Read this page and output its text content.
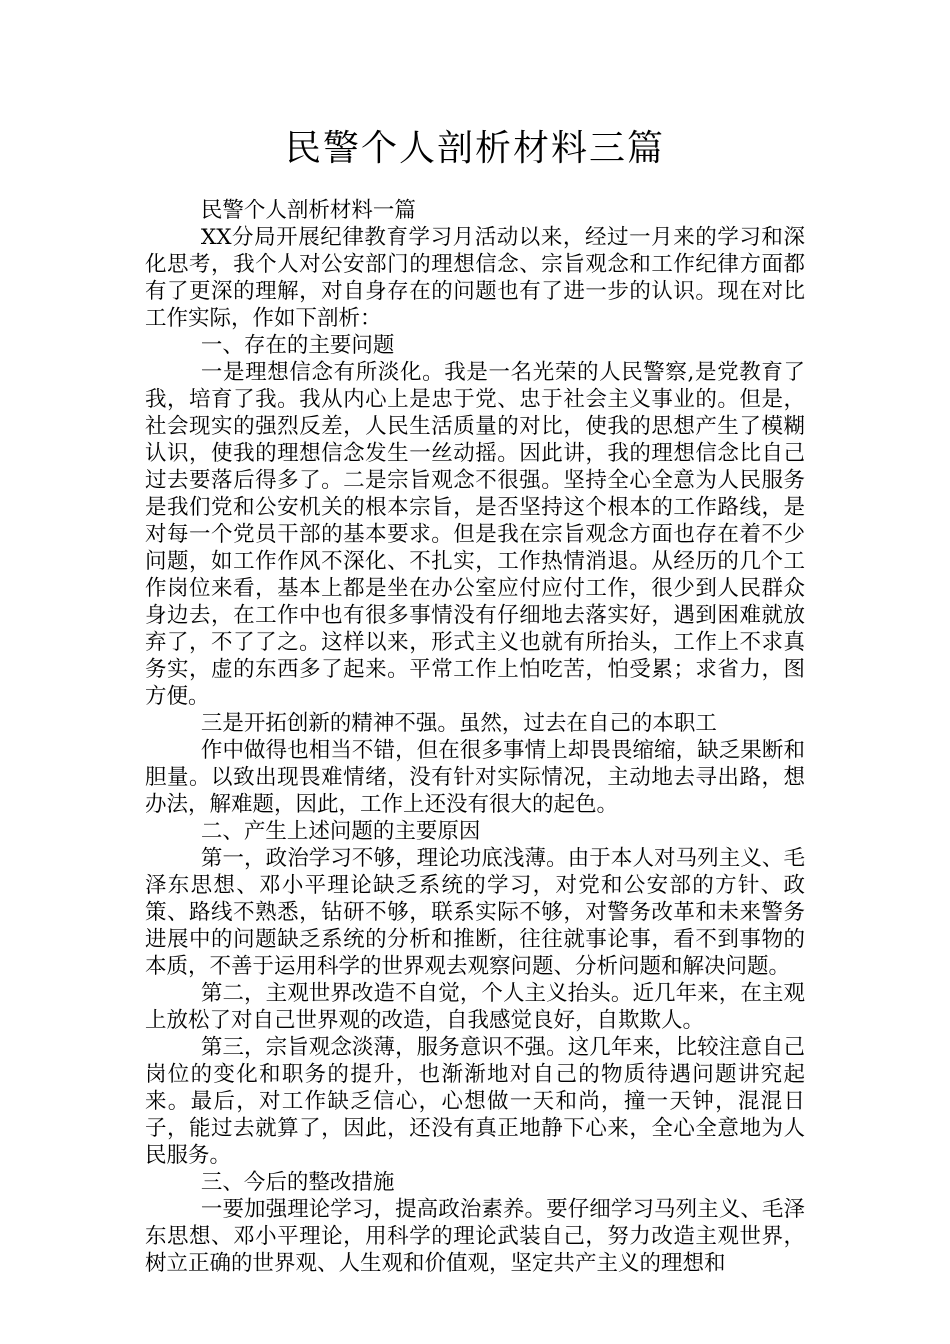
民警个人剖析材料三篇

民警个人剖析材料一篇

XX分局开展纪律教育学习月活动以来，经过一月来的学习和深化思考，我个人对公安部门的理想信念、宗旨观念和工作纪律方面都有了更深的理解，对自身存在的问题也有了进一步的认识。现在对比工作实际，作如下剖析：

一、存在的主要问题

一是理想信念有所淡化。我是一名光荣的人民警察,是党教育了我，培育了我。我从内心上是忠于党、忠于社会主义事业的。但是，社会现实的强烈反差，人民生活质量的对比，使我的思想产生了模糊认识，使我的理想信念发生一丝动摇。因此讲，我的理想信念比自己过去要落后得多了。二是宗旨观念不很强。坚持全心全意为人民服务是我们党和公安机关的根本宗旨，是否坚持这个根本的工作路线，是对每一个党员干部的基本要求。但是我在宗旨观念方面也存在着不少问题，如工作作风不深化、不扎实，工作热情消退。从经历的几个工作岗位来看，基本上都是坐在办公室应付应付工作，很少到人民群众身边去，在工作中也有很多事情没有仔细地去落实好，遇到困难就放弃了，不了了之。这样以来，形式主义也就有所抬头，工作上不求真务实，虚的东西多了起来。平常工作上怕吃苦，怕受累；求省力，图方便。

三是开拓创新的精神不强。虽然，过去在自己的本职工

作中做得也相当不错，但在很多事情上却畏畏缩缩，缺乏果断和胆量。以致出现畏难情绪，没有针对实际情况，主动地去寻出路，想办法，解难题，因此，工作上还没有很大的起色。

二、产生上述问题的主要原因

第一，政治学习不够，理论功底浅薄。由于本人对马列主义、毛泽东思想、邓小平理论缺乏系统的学习，对党和公安部的方针、政策、路线不熟悉，钻研不够，联系实际不够，对警务改革和未来警务进展中的问题缺乏系统的分析和推断，往往就事论事，看不到事物的本质，不善于运用科学的世界观去观察问题、分析问题和解决问题。

第二，主观世界改造不自觉，个人主义抬头。近几年来，在主观上放松了对自己世界观的改造，自我感觉良好，自欺欺人。

第三，宗旨观念淡薄，服务意识不强。这几年来，比较注意自己岗位的变化和职务的提升，也渐渐地对自己的物质待遇问题讲究起来。最后，对工作缺乏信心，心想做一天和尚，撞一天钟，混混日子，能过去就算了，因此，还没有真正地静下心来，全心全意地为人民服务。

三、今后的整改措施

一要加强理论学习，提高政治素养。要仔细学习马列主义、毛泽东思想、邓小平理论，用科学的理论武装自己，努力改造主观世界，树立正确的世界观、人生观和价值观，坚定共产主义的理想和
